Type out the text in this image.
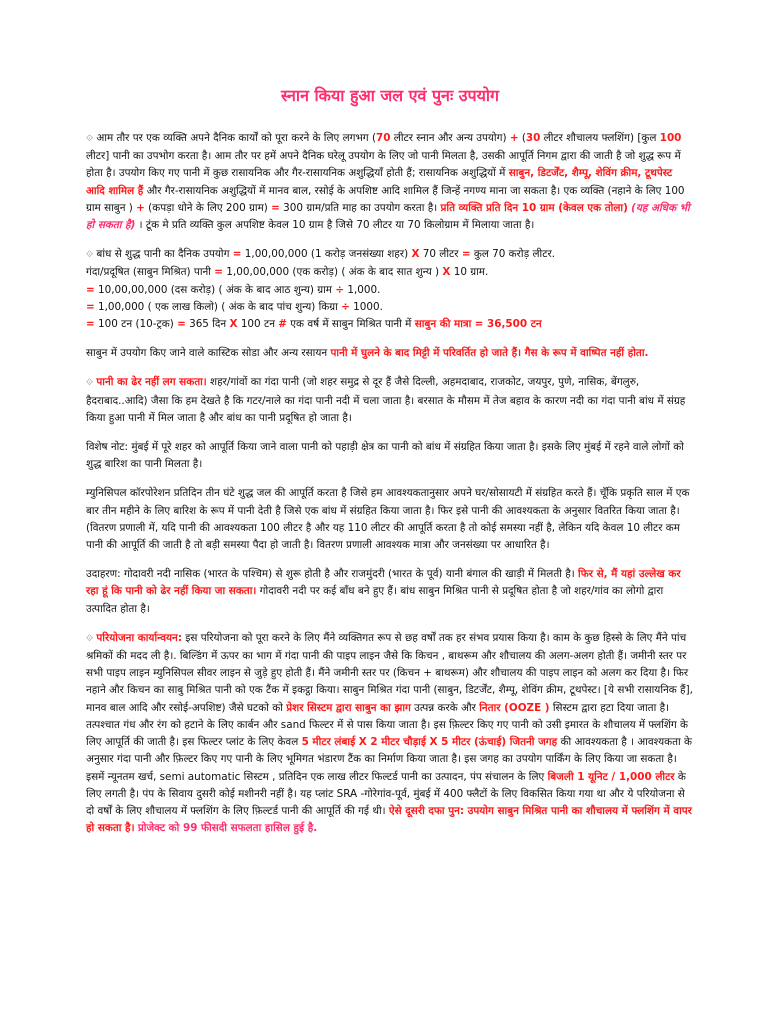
स्नान किया हुआ जल एवं पुनः उपयोग

⟐ आम तौर पर एक व्यक्ति अपने दैनिक कार्यों को पूरा करने के लिए लगभग (70 लीटर स्नान और अन्य उपयोग) + (30 लीटर शौचालय फ्लशिंग) [कुल 100 लीटर] पानी का उपभोग करता है। आम तौर पर हमें अपने दैनिक घरेलू उपयोग के लिए जो पानी मिलता है, उसकी आपूर्ति निगम द्वारा की जाती है जो शुद्ध रूप में होता है। उपयोग किए गए पानी में कुछ रासायनिक और गैर-रासायनिक अशुद्धियाँ होती हैं; रासायनिक अशुद्धियों में साबुन, डिटर्जेंट, शैम्पू, शेविंग क्रीम, टूथपेस्ट आदि शामिल हैं और गैर-रासायनिक अशुद्धियों में मानव बाल, रसोई के अपशिष्ट आदि शामिल हैं जिन्हें नगण्य माना जा सकता है। एक व्यक्ति (नहाने के लिए 100 ग्राम साबुन ) + (कपड़ा धोने के लिए 200 ग्राम) = 300 ग्राम/प्रति माह का उपयोग करता है। प्रति व्यक्ति प्रति दिन 10 ग्राम (केवल एक तोला) (यह अधिक भी हो सकता है) । टूंक मे प्रति व्यक्ति कुल अपशिष्ट केवल 10 ग्राम है जिसे 70 लीटर या 70 किलोग्राम में मिलाया जाता है।

⟐ बांध से शुद्ध पानी का दैनिक उपयोग = 1,00,00,000 (1 करोड़ जनसंख्या शहर) X 70 लीटर = कुल 70 करोड़ लीटर.
गंदा/प्रदूषित (साबुन मिश्रित) पानी = 1,00,00,000 (एक करोड़) ( अंक के बाद सात शुन्य ) X 10 ग्राम.
= 10,00,00,000 (दस करोड़) ( अंक के बाद आठ शुन्य) ग्राम ÷ 1,000.
= 1,00,000 ( एक लाख किलो) ( अंक के बाद पांच शुन्य) किग्रा ÷ 1000.
= 100 टन (10-ट्रक) = 365 दिन X 100 टन # एक वर्ष में साबुन मिश्रित पानी में साबुन की मात्रा = 36,500 टन

साबुन में उपयोग किए जाने वाले कास्टिक सोडा और अन्य रसायन पानी में घुलने के बाद मिट्टी में परिवर्तित हो जाते हैं। गैस के रूप में वाष्पित नहीं होता.

⟐ पानी का ढेर नहीं लग सकता। शहर/गांवों का गंदा पानी (जो शहर समुद्र से दूर हैं जैसे दिल्ली, अहमदाबाद, राजकोट, जयपुर, पुणे, नासिक, बेंगलुरु, हैदराबाद..आदि) जैसा कि हम देखते है कि गटर/नाले का गंदा पानी नदी में चला जाता है। बरसात के मौसम में तेज बहाव के कारण नदी का गंदा पानी बांध में संग्रह किया हुआ पानी में मिल जाता है और बांध का पानी प्रदूषित हो जाता है।

विशेष नोट: मुंबई में पूरे शहर को आपूर्ति किया जाने वाला पानी को पहाड़ी क्षेत्र का पानी को बांध में संग्रहित किया जाता है। इसके लिए मुंबई में रहने वाले लोगों को शुद्ध बारिश का पानी मिलता है।

म्युनिसिपल कॉरपोरेशन प्रतिदिन तीन घंटे शुद्ध जल की आपूर्ति करता है जिसे हम आवश्यकतानुसार अपने घर/सोसायटी में संग्रहित करते हैं। चूँकि प्रकृति साल में एक बार तीन महीने के लिए बारिश के रूप में पानी देती है जिसे एक बांध में संग्रहित किया जाता है। फिर इसे पानी की आवश्यकता के अनुसार वितरित किया जाता है। (वितरण प्रणाली में, यदि पानी की आवश्यकता 100 लीटर है और यह 110 लीटर की आपूर्ति करता है तो कोई समस्या नहीं है, लेकिन यदि केवल 10 लीटर कम पानी की आपूर्ति की जाती है तो बड़ी समस्या पैदा हो जाती है। वितरण प्रणाली आवश्यक मात्रा और जनसंख्या पर आधारित है।

उदाहरण: गोदावरी नदी नासिक (भारत के पश्चिम) से शुरू होती है और राजमुंदरी (भारत के पूर्व) यानी बंगाल की खाड़ी में मिलती है। फिर से, मैं यहां उल्लेख कर रहा हूं कि पानी को ढेर नहीं किया जा सकता। गोदावरी नदी पर कई बाँध बने हुए हैं। बांध साबुन मिश्रित पानी से प्रदूषित होता है जो शहर/गांव का लोगो द्वारा उत्पादित होता है।

⟐ परियोजना कार्यान्वयन: इस परियोजना को पूरा करने के लिए मैंने व्यक्तिगत रूप से छह वर्षों तक हर संभव प्रयास किया है। काम के कुछ हिस्से के लिए मैंने पांच श्रमिकों की मदद ली है।. बिल्डिंग में ऊपर का भाग में गंदा पानी की पाइप लाइन जैसे कि किचन , बाथरूम और शौचालय की अलग-अलग होती हैं। जमीनी स्तर पर सभी पाइप लाइन म्युनिसिपल सीवर लाइन से जुड़े हुए होती हैं। मैंने जमीनी स्तर पर (किचन + बाथरूम) और शौचालय की पाइप लाइन को अलग कर दिया है। फिर नहाने और किचन का साबु मिश्रित पानी को एक टैंक में इकट्ठा किया। साबुन मिश्रित गंदा पानी (साबुन, डिटर्जेंट, शैम्पू, शेविंग क्रीम, टूथपेस्ट। [ये सभी रासायनिक हैं], मानव बाल आदि और रसोई-अपशिष्ट) जैसे घटको को प्रेशर सिस्टम द्वारा साबुन का झाग उत्पन्न करके और नितार (OOZE ) सिस्टम द्वारा हटा दिया जाता है। तत्पश्चात गंध और रंग को हटाने के लिए कार्बन और sand फिल्टर में से पास किया जाता है। इस फ़िल्टर किए गए पानी को उसी इमारत के शौचालय में फ्लशिंग के लिए आपूर्ति की जाती है। इस फिल्टर प्लांट के लिए केवल 5 मीटर लंबाई X 2 मीटर चौड़ाई X 5 मीटर (ऊंचाई) जितनी जगह की आवश्यकता है । आवश्यकता के अनुसार गंदा पानी और फ़िल्टर किए गए पानी के लिए भूमिगत भंडारण टैंक का निर्माण किया जाता है। इस जगह का उपयोग पार्किंग के लिए किया जा सकता है। इसमें न्यूनतम खर्च, semi automatic सिस्टम , प्रतिदिन एक लाख लीटर फिल्टर्ड पानी का उत्पादन, पंप संचालन के लिए बिजली 1 यूनिट / 1,000 लीटर के लिए लगती है। पंप के सिवाय दुसरी कोई मशीनरी नहीं है। यह प्लांट SRA -गोरेगांव-पूर्व, मुंबई में 400 फ्लैटों के लिए विकसित किया गया था और ये परियोजना से दो वर्षों के लिए शौचालय में फ्लशिंग के लिए फ़िल्टर्ड पानी की आपूर्ति की गई थी। ऐसे दूसरी दफा पुन: उपयोग साबुन मिश्रित पानी का शौचालय में फ्लशिंग में वापर हो सकता है। प्रोजेक्ट को 99 फीसदी सफलता हासिल हुई है.
